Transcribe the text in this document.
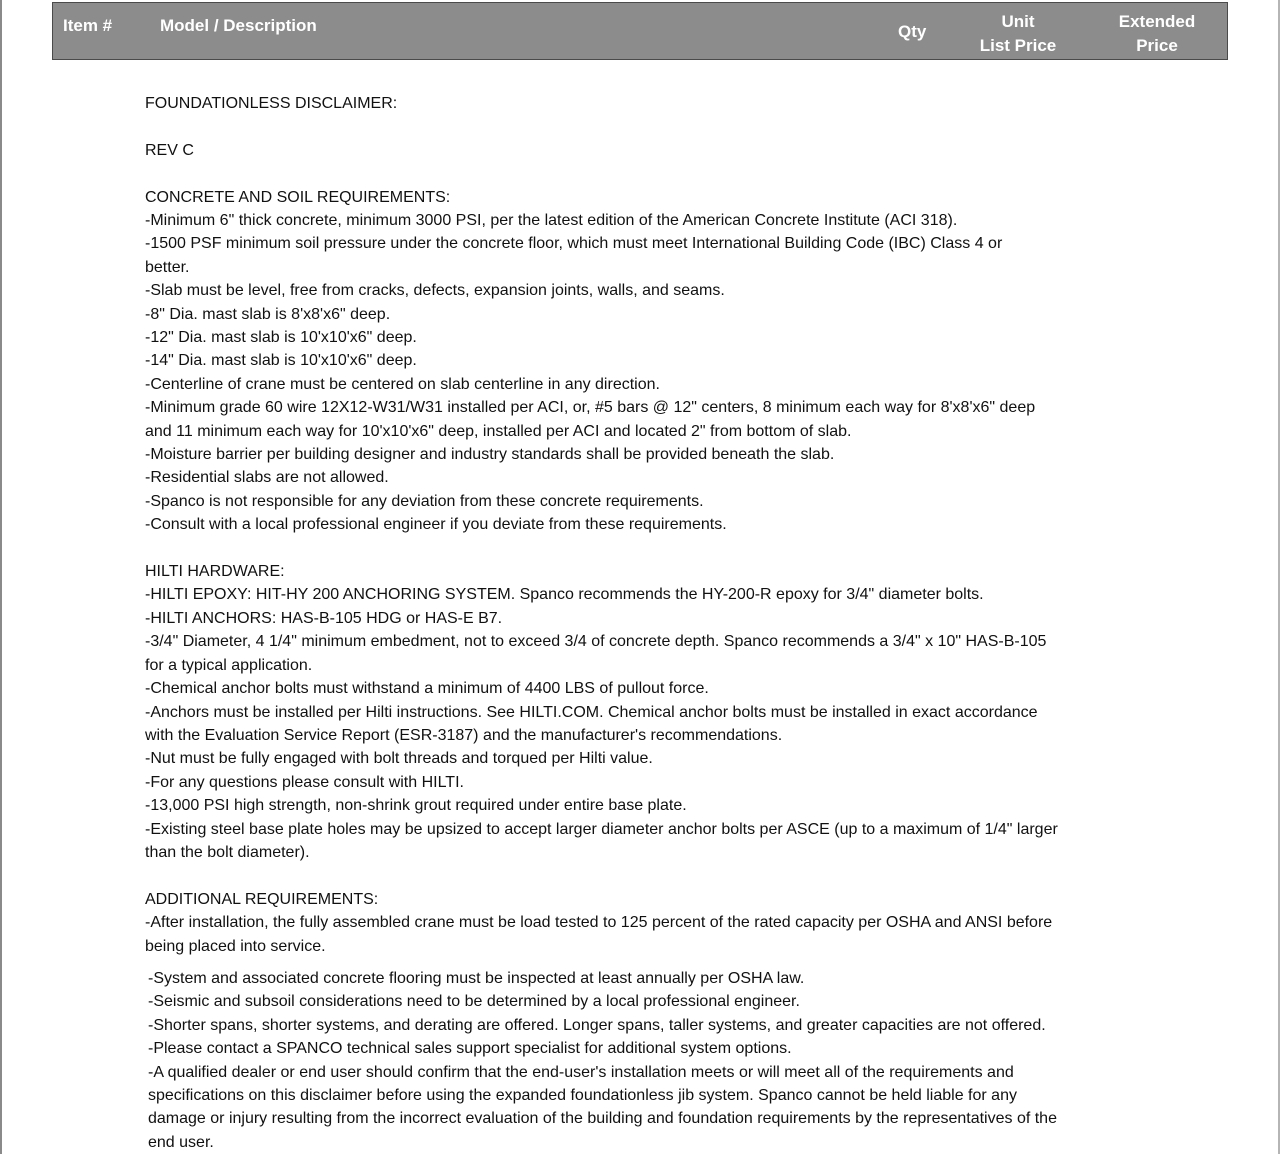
Item #	Model / Description	Qty
Unit
List Price
Extended
Price

FOUNDATIONLESS DISCLAIMER:

REV C

CONCRETE AND SOIL REQUIREMENTS:

-Minimum 6" thick concrete, minimum 3000 PSI, per the latest edition of the American Concrete Institute (ACI 318).

-1500 PSF minimum soil pressure under the concrete floor, which must meet International Building Code (IBC) Class 4 or

better.

-Slab must be level, free from cracks, defects, expansion joints, walls, and seams.

-8" Dia. mast slab is 8'x8'x6" deep.

-12" Dia. mast slab is 10'x10'x6" deep.

-14" Dia. mast slab is 10'x10'x6" deep.

-Centerline of crane must be centered on slab centerline in any direction.

-Minimum grade 60 wire 12X12-W31/W31 installed per ACI, or, #5 bars @ 12" centers, 8 minimum each way for 8'x8'x6" deep

and 11 minimum each way for 10'x10'x6" deep, installed per ACI and located 2" from bottom of slab.

-Moisture barrier per building designer and industry standards shall be provided beneath the slab.

-Residential slabs are not allowed.

-Spanco is not responsible for any deviation from these concrete requirements.

-Consult with a local professional engineer if you deviate from these requirements.

HILTI HARDWARE:

-HILTI EPOXY: HIT-HY 200 ANCHORING SYSTEM. Spanco recommends the HY-200-R epoxy for 3/4" diameter bolts.

-HILTI ANCHORS: HAS-B-105 HDG or HAS-E B7.

-3/4" Diameter, 4 1/4" minimum embedment, not to exceed 3/4 of concrete depth. Spanco recommends a 3/4" x 10" HAS-B-105

for a typical application.

-Chemical anchor bolts must withstand a minimum of 4400 LBS of pullout force.

-Anchors must be installed per Hilti instructions. See HILTI.COM. Chemical anchor bolts must be installed in exact accordance

with the Evaluation Service Report (ESR-3187) and the manufacturer's recommendations.

-Nut must be fully engaged with bolt threads and torqued per Hilti value.

-For any questions please consult with HILTI.

-13,000 PSI high strength, non-shrink grout required under entire base plate.

-Existing steel base plate holes may be upsized to accept larger diameter anchor bolts per ASCE (up to a maximum of 1/4" larger

than the bolt diameter).

ADDITIONAL REQUIREMENTS:

-After installation, the fully assembled crane must be load tested to 125 percent of the rated capacity per OSHA and ANSI before

being placed into service.

-System and associated concrete flooring must be inspected at least annually per OSHA law.

-Seismic and subsoil considerations need to be determined by a local professional engineer.

-Shorter spans, shorter systems, and derating are offered. Longer spans, taller systems, and greater capacities are not offered.

-Please contact a SPANCO technical sales support specialist for additional system options.

-A qualified dealer or end user should confirm that the end-user's installation meets or will meet all of the requirements and

specifications on this disclaimer before using the expanded foundationless jib system. Spanco cannot be held liable for any

damage or injury resulting from the incorrect evaluation of the building and foundation requirements by the representatives of the

end user.
